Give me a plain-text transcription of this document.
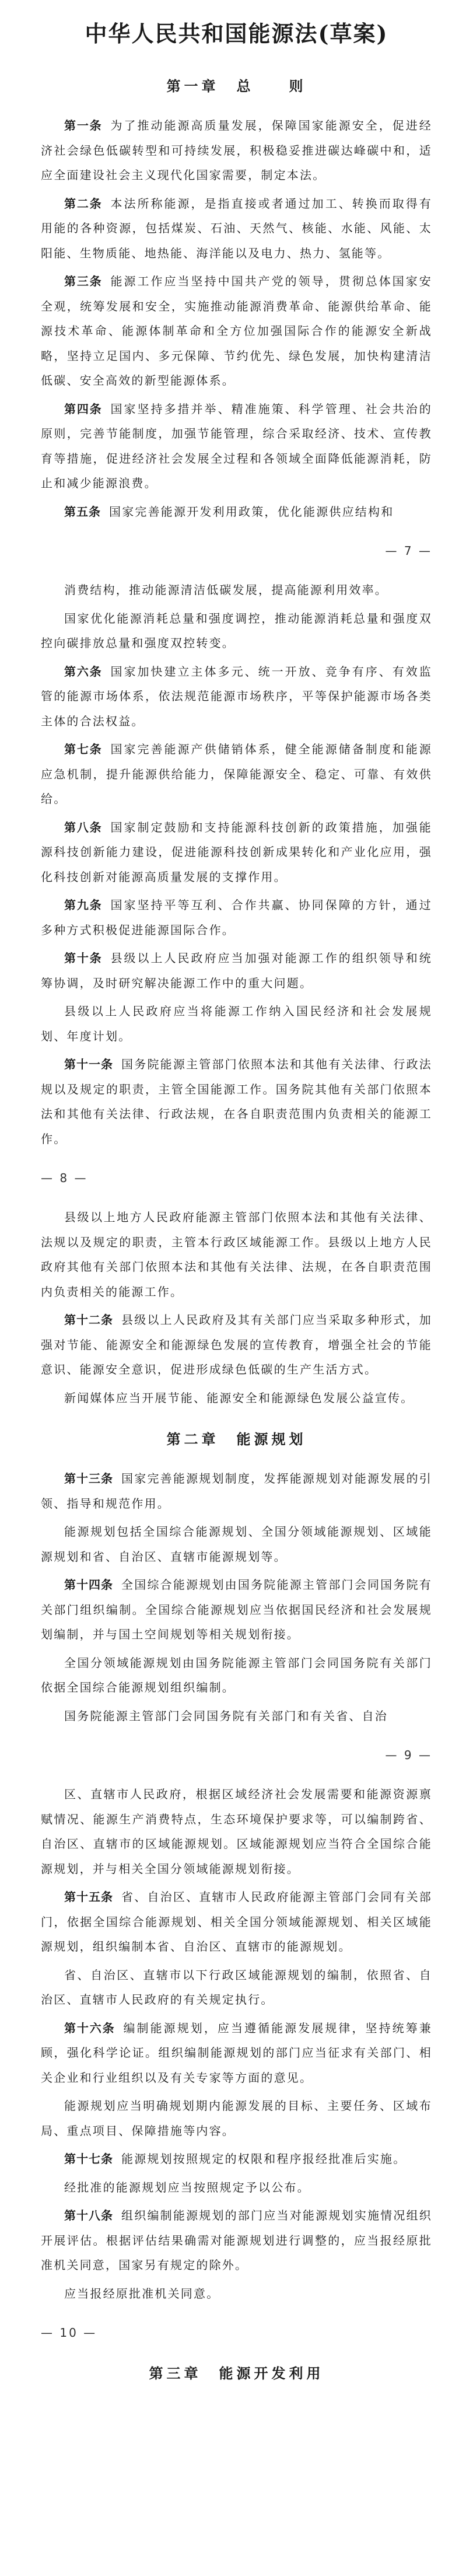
中华人民共和国能源法(草案)
第一章　总　　则

第一条 为了推动能源高质量发展，保障国家能源安全，促进经济社会绿色低碳转型和可持续发展，积极稳妥推进碳达峰碳中和，适应全面建设社会主义现代化国家需要，制定本法。

第二条 本法所称能源，是指直接或者通过加工、转换而取得有用能的各种资源，包括煤炭、石油、天然气、核能、水能、风能、太阳能、生物质能、地热能、海洋能以及电力、热力、氢能等。

第三条 能源工作应当坚持中国共产党的领导，贯彻总体国家安全观，统筹发展和安全，实施推动能源消费革命、能源供给革命、能源技术革命、能源体制革命和全方位加强国际合作的能源安全新战略，坚持立足国内、多元保障、节约优先、绿色发展，加快构建清洁低碳、安全高效的新型能源体系。

第四条 国家坚持多措并举、精准施策、科学管理、社会共治的原则，完善节能制度，加强节能管理，综合采取经济、技术、宣传教育等措施，促进经济社会发展全过程和各领域全面降低能源消耗，防止和减少能源浪费。

第五条 国家完善能源开发利用政策，优化能源供应结构和

— 7 —

消费结构，推动能源清洁低碳发展，提高能源利用效率。

国家优化能源消耗总量和强度调控，推动能源消耗总量和强度双控向碳排放总量和强度双控转变。

第六条 国家加快建立主体多元、统一开放、竞争有序、有效监管的能源市场体系，依法规范能源市场秩序，平等保护能源市场各类主体的合法权益。

第七条 国家完善能源产供储销体系，健全能源储备制度和能源应急机制，提升能源供给能力，保障能源安全、稳定、可靠、有效供给。

第八条 国家制定鼓励和支持能源科技创新的政策措施，加强能源科技创新能力建设，促进能源科技创新成果转化和产业化应用，强化科技创新对能源高质量发展的支撑作用。

第九条 国家坚持平等互利、合作共赢、协同保障的方针，通过多种方式积极促进能源国际合作。

第十条 县级以上人民政府应当加强对能源工作的组织领导和统筹协调，及时研究解决能源工作中的重大问题。

县级以上人民政府应当将能源工作纳入国民经济和社会发展规划、年度计划。

第十一条 国务院能源主管部门依照本法和其他有关法律、行政法规以及规定的职责，主管全国能源工作。国务院其他有关部门依照本法和其他有关法律、行政法规，在各自职责范围内负责相关的能源工作。

— 8 —

县级以上地方人民政府能源主管部门依照本法和其他有关法律、法规以及规定的职责，主管本行政区域能源工作。县级以上地方人民政府其他有关部门依照本法和其他有关法律、法规，在各自职责范围内负责相关的能源工作。

第十二条 县级以上人民政府及其有关部门应当采取多种形式，加强对节能、能源安全和能源绿色发展的宣传教育，增强全社会的节能意识、能源安全意识，促进形成绿色低碳的生产生活方式。

新闻媒体应当开展节能、能源安全和能源绿色发展公益宣传。

第二章　能源规划

第十三条 国家完善能源规划制度，发挥能源规划对能源发展的引领、指导和规范作用。

能源规划包括全国综合能源规划、全国分领域能源规划、区域能源规划和省、自治区、直辖市能源规划等。

第十四条 全国综合能源规划由国务院能源主管部门会同国务院有关部门组织编制。全国综合能源规划应当依据国民经济和社会发展规划编制，并与国土空间规划等相关规划衔接。

全国分领域能源规划由国务院能源主管部门会同国务院有关部门依据全国综合能源规划组织编制。

国务院能源主管部门会同国务院有关部门和有关省、自治

— 9 —

区、直辖市人民政府，根据区域经济社会发展需要和能源资源禀赋情况、能源生产消费特点，生态环境保护要求等，可以编制跨省、自治区、直辖市的区域能源规划。区域能源规划应当符合全国综合能源规划，并与相关全国分领域能源规划衔接。

第十五条 省、自治区、直辖市人民政府能源主管部门会同有关部门，依据全国综合能源规划、相关全国分领域能源规划、相关区域能源规划，组织编制本省、自治区、直辖市的能源规划。

省、自治区、直辖市以下行政区域能源规划的编制，依照省、自治区、直辖市人民政府的有关规定执行。

第十六条 编制能源规划，应当遵循能源发展规律，坚持统筹兼顾，强化科学论证。组织编制能源规划的部门应当征求有关部门、相关企业和行业组织以及有关专家等方面的意见。

能源规划应当明确规划期内能源发展的目标、主要任务、区域布局、重点项目、保障措施等内容。

第十七条 能源规划按照规定的权限和程序报经批准后实施。

经批准的能源规划应当按照规定予以公布。

第十八条 组织编制能源规划的部门应当对能源规划实施情况组织开展评估。根据评估结果确需对能源规划进行调整的，应当报经原批准机关同意，国家另有规定的除外。

应当报经原批准机关同意。

— 10 —
第三章　能源开发利用
